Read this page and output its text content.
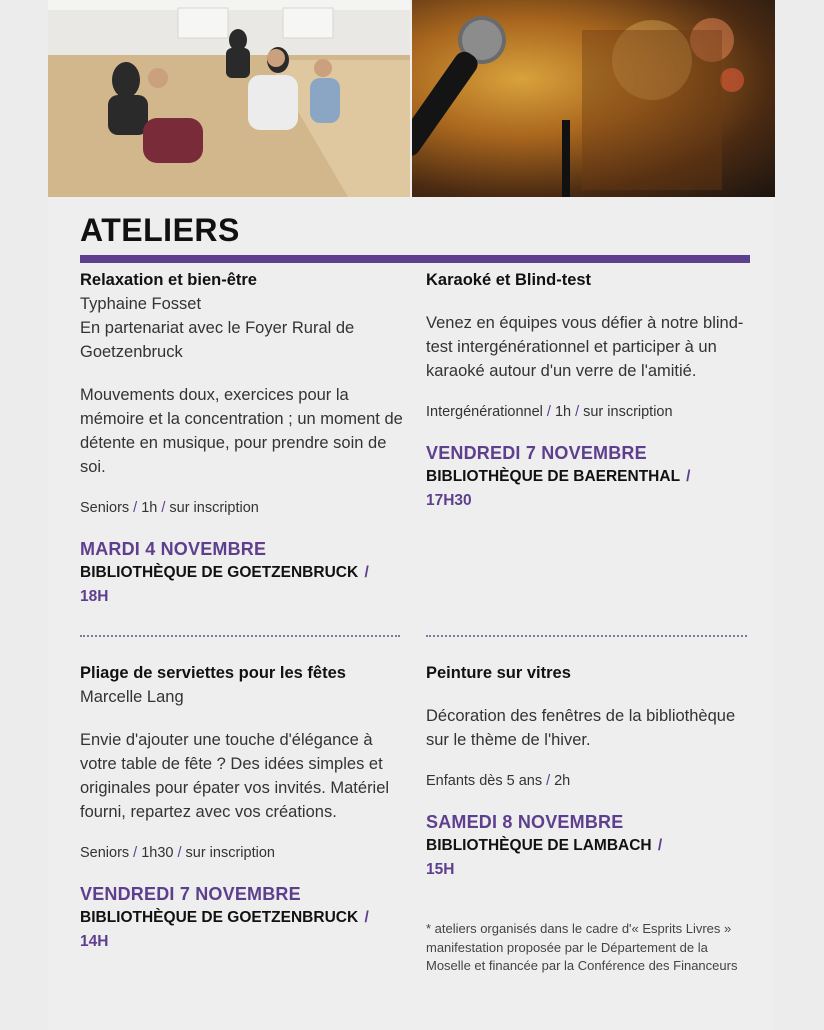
ATELIERS
Relaxation et bien-être
Typhaine Fosset
En partenariat avec le Foyer Rural de Goetzenbruck
Mouvements doux, exercices pour la mémoire et la concentration ; un moment de détente en musique, pour prendre soin de soi.
Seniors / 1h / sur inscription
MARDI 4 NOVEMBRE
BIBLIOTHÈQUE DE GOETZENBRUCK /
18H
Karaoké et Blind-test
Venez en équipes vous défier à notre blind-test intergénérationnel et participer à un karaoké autour d'un verre de l'amitié.
Intergénérationnel / 1h / sur inscription
VENDREDI 7 NOVEMBRE
BIBLIOTHÈQUE DE BAERENTHAL /
17H30
Pliage de serviettes pour les fêtes
Marcelle Lang
Envie d'ajouter une touche d'élégance à votre table de fête ? Des idées simples et originales pour épater vos invités. Matériel fourni, repartez avec vos créations.
Seniors / 1h30 / sur inscription
VENDREDI 7 NOVEMBRE
BIBLIOTHÈQUE DE GOETZENBRUCK /
14H
Peinture sur vitres
Décoration des fenêtres de la bibliothèque sur le thème de l'hiver.
Enfants dès 5 ans / 2h
SAMEDI 8 NOVEMBRE
BIBLIOTHÈQUE DE LAMBACH /
15H
* ateliers organisés dans le cadre d'« Esprits Livres » manifestation proposée par le Département de la Moselle et financée par la Conférence des Financeurs
